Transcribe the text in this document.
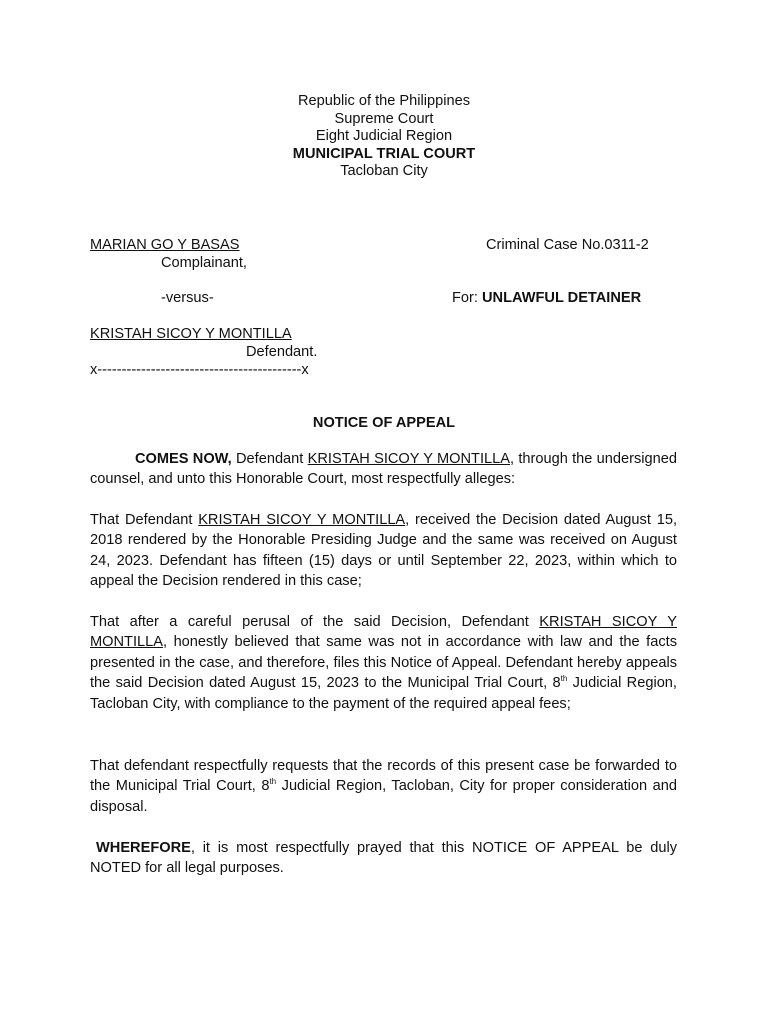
Republic of the Philippines
Supreme Court
Eight Judicial Region
MUNICIPAL TRIAL COURT
Tacloban City
MARIAN GO Y BASAS	Criminal Case No.0311-2
Complainant,
-versus-	For: UNLAWFUL DETAINER
KRISTAH SICOY Y MONTILLA
Defendant.
x------------------------------------------x
NOTICE OF APPEAL
COMES NOW, Defendant KRISTAH SICOY Y MONTILLA, through the undersigned counsel, and unto this Honorable Court, most respectfully alleges:
That Defendant KRISTAH SICOY Y MONTILLA, received the Decision dated August 15, 2018 rendered by the Honorable Presiding Judge and the same was received on August 24, 2023. Defendant has fifteen (15) days or until September 22, 2023, within which to appeal the Decision rendered in this case;
That after a careful perusal of the said Decision, Defendant KRISTAH SICOY Y MONTILLA, honestly believed that same was not in accordance with law and the facts presented in the case, and therefore, files this Notice of Appeal. Defendant hereby appeals the said Decision dated August 15, 2023 to the Municipal Trial Court, 8th Judicial Region, Tacloban City, with compliance to the payment of the required appeal fees;
That defendant respectfully requests that the records of this present case be forwarded to the Municipal Trial Court, 8th Judicial Region, Tacloban, City for proper consideration and disposal.
WHEREFORE, it is most respectfully prayed that this NOTICE OF APPEAL be duly NOTED for all legal purposes.
